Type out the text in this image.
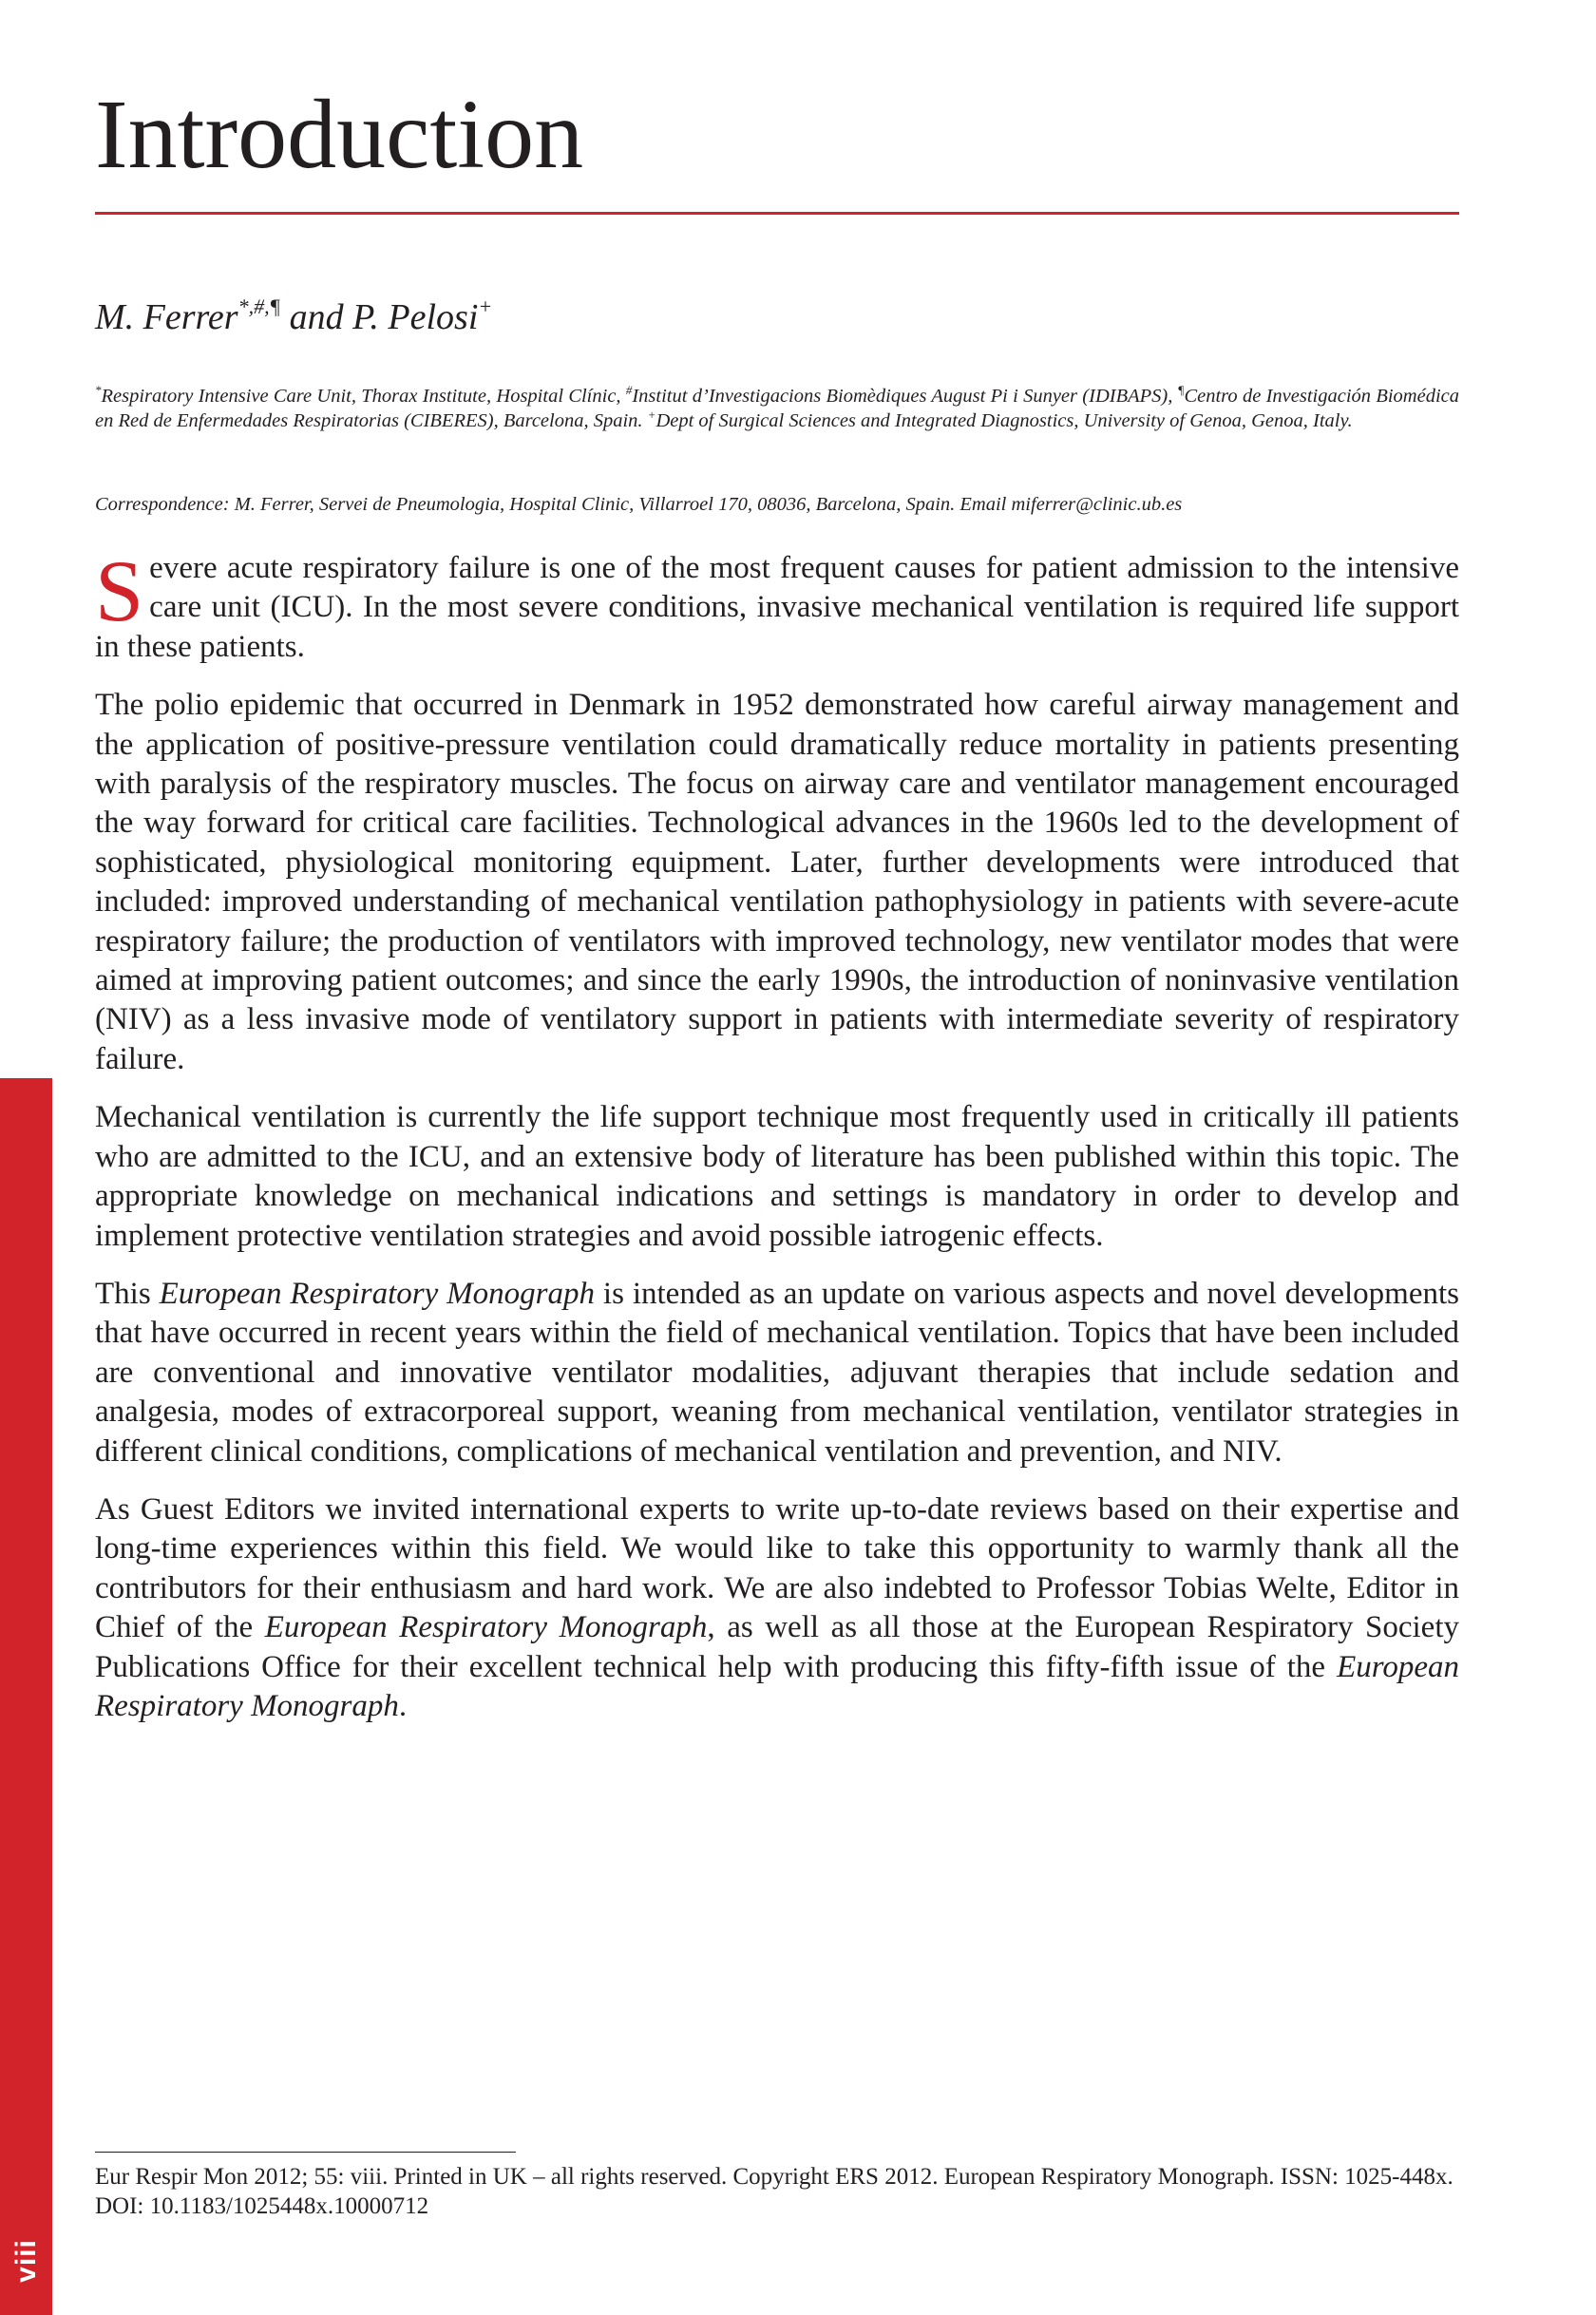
Introduction
M. Ferrer*,#,¶ and P. Pelosi+
*Respiratory Intensive Care Unit, Thorax Institute, Hospital Clínic, #Institut d’Investigacions Biomèdiques August Pi i Sunyer (IDIBAPS), ¶Centro de Investigación Biomédica en Red de Enfermedades Respiratorias (CIBERES), Barcelona, Spain. +Dept of Surgical Sciences and Integrated Diagnostics, University of Genoa, Genoa, Italy.
Correspondence: M. Ferrer, Servei de Pneumologia, Hospital Clinic, Villarroel 170, 08036, Barcelona, Spain. Email miferrer@clinic.ub.es

Severe acute respiratory failure is one of the most frequent causes for patient admission to the intensive care unit (ICU). In the most severe conditions, invasive mechanical ventilation is required life support in these patients.

The polio epidemic that occurred in Denmark in 1952 demonstrated how careful airway management and the application of positive-pressure ventilation could dramatically reduce mortality in patients presenting with paralysis of the respiratory muscles. The focus on airway care and ventilator management encouraged the way forward for critical care facilities. Technological advances in the 1960s led to the development of sophisticated, physiological monitoring equipment. Later, further developments were introduced that included: improved understanding of mechanical ventilation pathophysiology in patients with severe-acute respiratory failure; the production of ventilators with improved technology, new ventilator modes that were aimed at improving patient outcomes; and since the early 1990s, the introduction of noninvasive ventilation (NIV) as a less invasive mode of ventilatory support in patients with intermediate severity of respiratory failure.

Mechanical ventilation is currently the life support technique most frequently used in critically ill patients who are admitted to the ICU, and an extensive body of literature has been published within this topic. The appropriate knowledge on mechanical indications and settings is mandatory in order to develop and implement protective ventilation strategies and avoid possible iatrogenic effects.

This European Respiratory Monograph is intended as an update on various aspects and novel developments that have occurred in recent years within the field of mechanical ventilation. Topics that have been included are conventional and innovative ventilator modalities, adjuvant therapies that include sedation and analgesia, modes of extracorporeal support, weaning from mechanical ventilation, ventilator strategies in different clinical conditions, complications of mechanical ventilation and prevention, and NIV.

As Guest Editors we invited international experts to write up-to-date reviews based on their expertise and long-time experiences within this field. We would like to take this opportunity to warmly thank all the contributors for their enthusiasm and hard work. We are also indebted to Professor Tobias Welte, Editor in Chief of the European Respiratory Monograph, as well as all those at the European Respiratory Society Publications Office for their excellent technical help with producing this fifty-fifth issue of the European Respiratory Monograph.

Eur Respir Mon 2012; 55: viii. Printed in UK – all rights reserved. Copyright ERS 2012. European Respiratory Monograph. ISSN: 1025-448x. DOI: 10.1183/1025448x.10000712
viii
